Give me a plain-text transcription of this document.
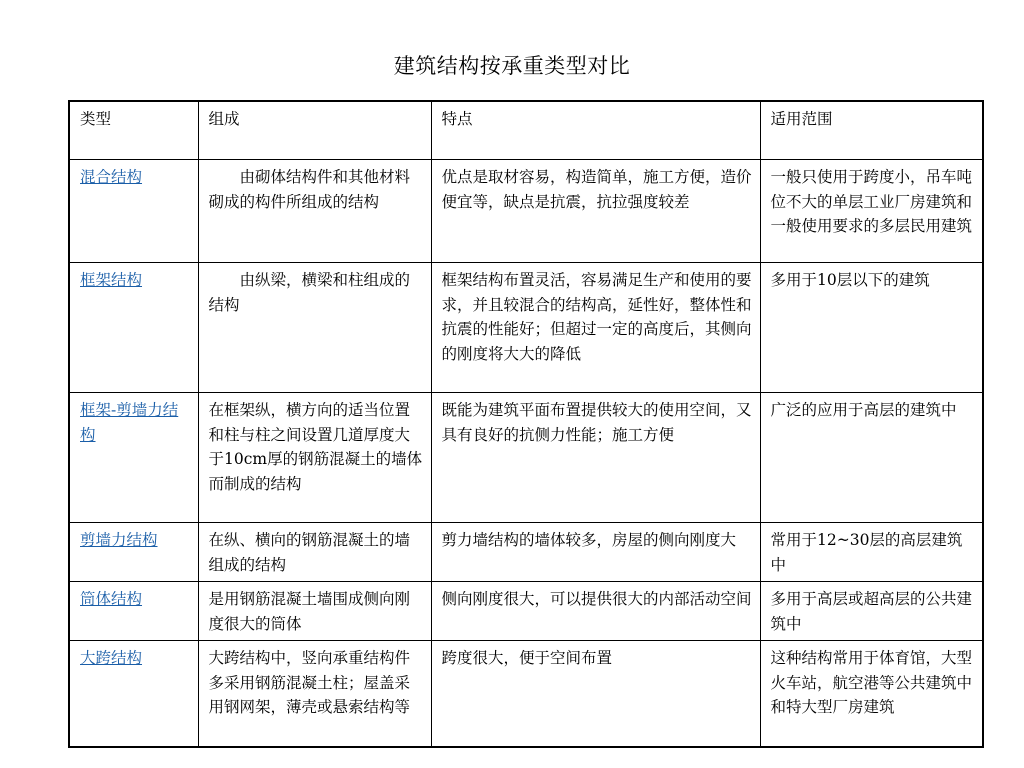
建筑结构按承重类型对比
类型	组成	特点	适用范围
混合结构	由砌体结构件和其他材料砌成的构件所组成的结构	优点是取材容易，构造简单，施工方便，造价便宜等，缺点是抗震，抗拉强度较差	一般只使用于跨度小，吊车吨位不大的单层工业厂房建筑和一般使用要求的多层民用建筑
框架结构	由纵梁，横梁和柱组成的结构	框架结构布置灵活，容易满足生产和使用的要求，并且较混合的结构高，延性好，整体性和抗震的性能好；但超过一定的高度后，其侧向的刚度将大大的降低	多用于10层以下的建筑
框架-剪墙力结构	在框架纵，横方向的适当位置和柱与柱之间设置几道厚度大于10cm厚的钢筋混凝土的墙体而制成的结构	既能为建筑平面布置提供较大的使用空间，又具有良好的抗侧力性能；施工方便	广泛的应用于高层的建筑中
剪墙力结构	在纵、横向的钢筋混凝土的墙组成的结构	剪力墙结构的墙体较多，房屋的侧向刚度大	常用于12~30层的高层建筑中
筒体结构	是用钢筋混凝土墙围成侧向刚度很大的筒体	侧向刚度很大，可以提供很大的内部活动空间	多用于高层或超高层的公共建筑中
大跨结构	大跨结构中，竖向承重结构件多采用钢筋混凝土柱；屋盖采用钢网架，薄壳或悬索结构等	跨度很大，便于空间布置	这种结构常用于体育馆，大型火车站，航空港等公共建筑中和特大型厂房建筑
